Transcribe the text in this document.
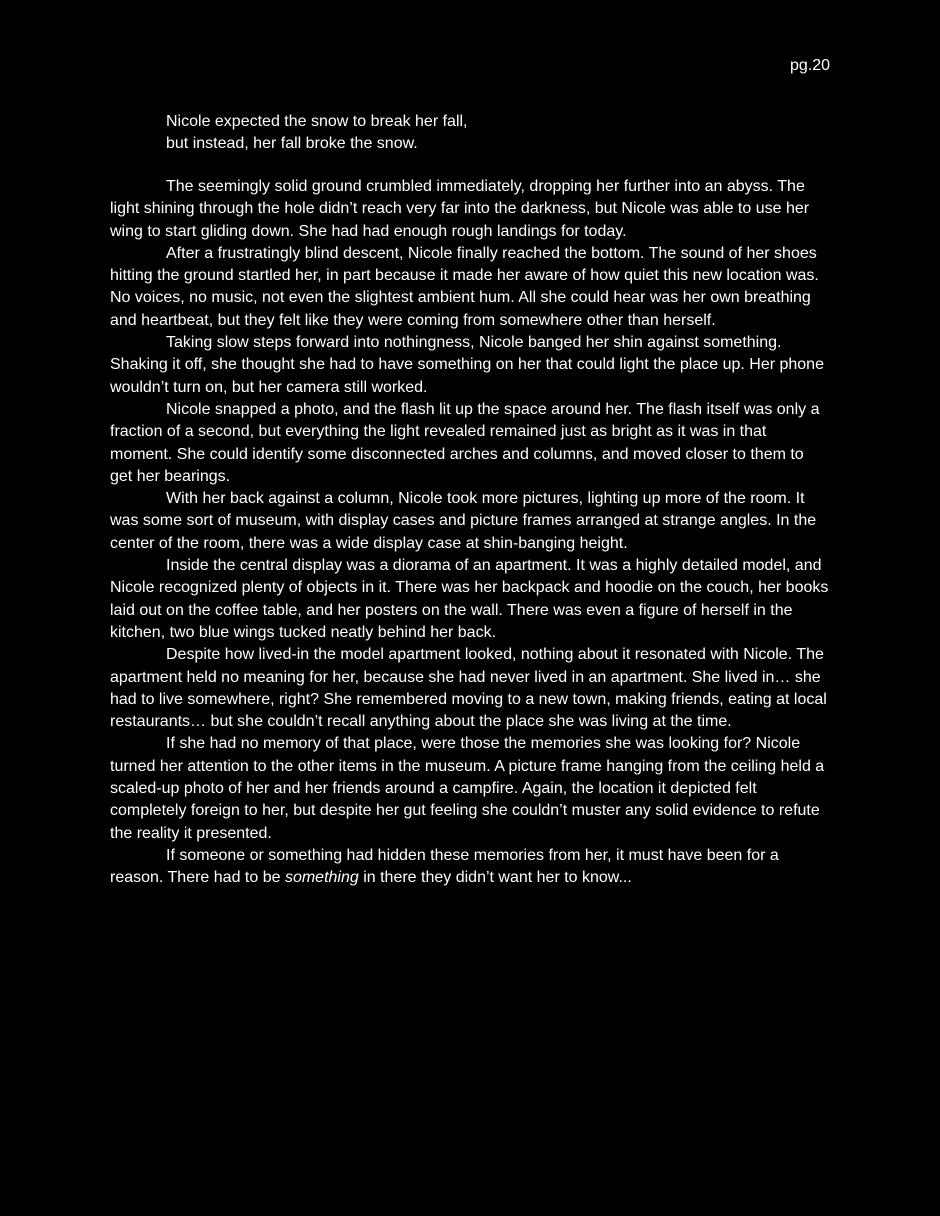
pg.20
Nicole expected the snow to break her fall,
but instead, her fall broke the snow.

The seemingly solid ground crumbled immediately, dropping her further into an abyss. The light shining through the hole didn’t reach very far into the darkness, but Nicole was able to use her wing to start gliding down. She had had enough rough landings for today.

After a frustratingly blind descent, Nicole finally reached the bottom. The sound of her shoes hitting the ground startled her, in part because it made her aware of how quiet this new location was. No voices, no music, not even the slightest ambient hum. All she could hear was her own breathing and heartbeat, but they felt like they were coming from somewhere other than herself.

Taking slow steps forward into nothingness, Nicole banged her shin against something. Shaking it off, she thought she had to have something on her that could light the place up. Her phone wouldn’t turn on, but her camera still worked.

Nicole snapped a photo, and the flash lit up the space around her. The flash itself was only a fraction of a second, but everything the light revealed remained just as bright as it was in that moment. She could identify some disconnected arches and columns, and moved closer to them to get her bearings.

With her back against a column, Nicole took more pictures, lighting up more of the room. It was some sort of museum, with display cases and picture frames arranged at strange angles. In the center of the room, there was a wide display case at shin-banging height.

Inside the central display was a diorama of an apartment. It was a highly detailed model, and Nicole recognized plenty of objects in it. There was her backpack and hoodie on the couch, her books laid out on the coffee table, and her posters on the wall. There was even a figure of herself in the kitchen, two blue wings tucked neatly behind her back.

Despite how lived-in the model apartment looked, nothing about it resonated with Nicole. The apartment held no meaning for her, because she had never lived in an apartment. She lived in… she had to live somewhere, right? She remembered moving to a new town, making friends, eating at local restaurants… but she couldn’t recall anything about the place she was living at the time.

If she had no memory of that place, were those the memories she was looking for? Nicole turned her attention to the other items in the museum. A picture frame hanging from the ceiling held a scaled-up photo of her and her friends around a campfire. Again, the location it depicted felt completely foreign to her, but despite her gut feeling she couldn’t muster any solid evidence to refute the reality it presented.

If someone or something had hidden these memories from her, it must have been for a reason. There had to be something in there they didn’t want her to know...
